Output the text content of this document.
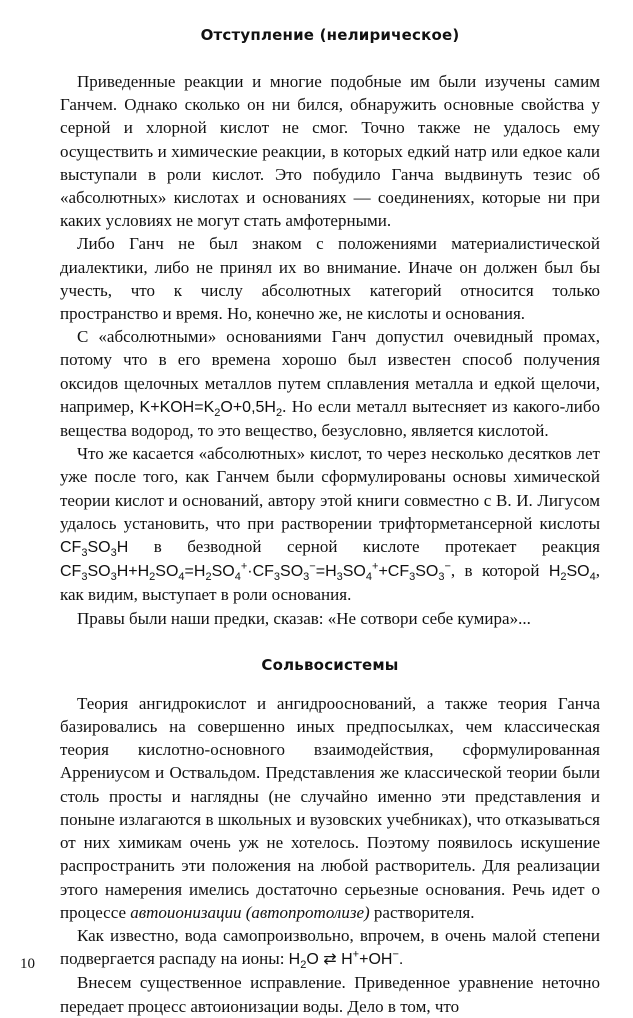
Отступление (нелирическое)

 Приведенные реакции и многие подобные им были изучены самим Ганчем. Однако сколько он ни бился, обнаружить основные свойства у серной и хлорной кислот не смог. Точно также не удалось ему осуществить и химические реакции, в которых едкий натр или едкое кали выступали в роли кислот. Это побудило Ганча выдвинуть тезис об «абсолютных» кислотах и основаниях — соединениях, которые ни при каких условиях не могут стать амфотерными.

 Либо Ганч не был знаком с положениями материалистической диалектики, либо не принял их во внимание. Иначе он должен был бы учесть, что к числу абсолютных категорий относится только пространство и время. Но, конечно же, не кислоты и основания.

 С «абсолютными» основаниями Ганч допустил очевидный промах, потому что в его времена хорошо был известен способ получения оксидов щелочных металлов путем сплавления металла и едкой щелочи, например, $K+KOH=K_2O+0,5H_2$. Но если металл вытесняет из какого-либо вещества водород, то это вещество, безусловно, является кислотой.

 Что же касается «абсолютных» кислот, то через несколько десятков лет уже после того, как Ганчем были сформулированы основы химической теории кислот и оснований, автору этой книги совместно с В. И. Лигусом удалось установить, что при растворении трифторметансерной кислоты $CF_3SO_3H$ в безводной серной кислоте протекает реакция $CF_3SO_3H+H_2SO_4=H_2SO_4^+\cdot CF_3SO_3^-=H_3SO_4^++CF_3SO_3^-$, в которой $H_2SO_4$, как видим, выступает в роли основания.

 Правы были наши предки, сказав: «Не сотвори себе кумира»...

Сольвосистемы

 Теория ангидрокислот и ангидрооснований, а также теория Ганча базировались на совершенно иных предпосылках, чем классическая теория кислотно-основного взаимодействия, сформулированная Аррениусом и Оствальдом. Представления же классической теории были столь просты и наглядны (не случайно именно эти представления и поныне излагаются в школьных и вузовских учебниках), что отказываться от них химикам очень уж не хотелось. Поэтому появилось искушение распространить эти положения на любой растворитель. Для реализации этого намерения имелись достаточно серьезные основания. Речь идет о процессе автоионизации (автопротолизе) растворителя.

 Как известно, вода самопроизвольно, впрочем, в очень малой степени подвергается распаду на ионы: $H_2O$ ⇄ H++OH−.

 Внесем существенное исправление. Приведенное уравнение неточно передает процесс автоионизации воды. Дело в том, что

10
